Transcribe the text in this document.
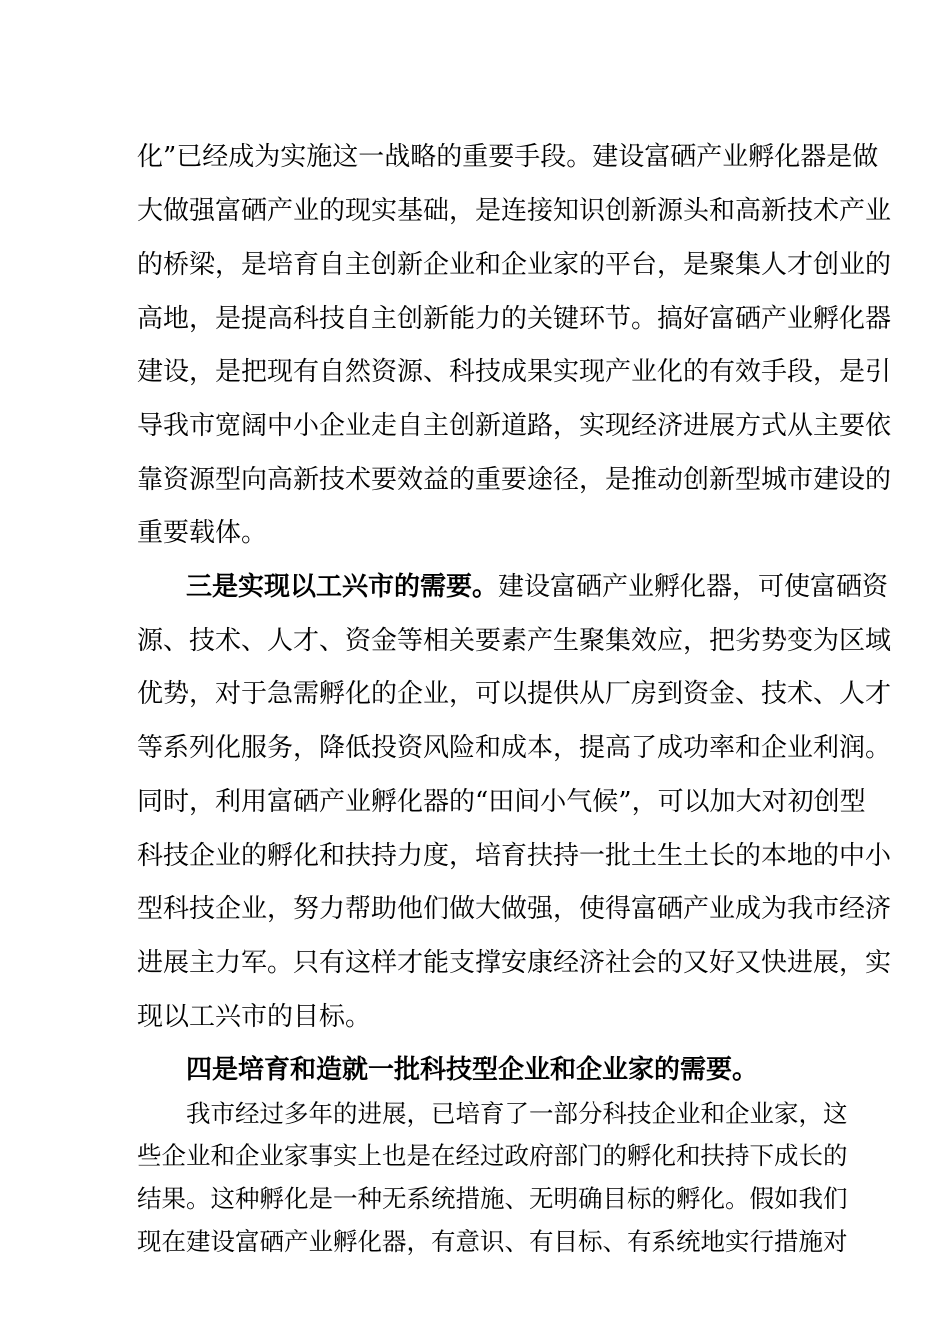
化”已经成为实施这一战略的重要手段。建设富硒产业孵化器是做
大做强富硒产业的现实基础，是连接知识创新源头和高新技术产业
的桥梁，是培育自主创新企业和企业家的平台，是聚集人才创业的
高地，是提高科技自主创新能力的关键环节。搞好富硒产业孵化器
建设，是把现有自然资源、科技成果实现产业化的有效手段，是引
导我市宽阔中小企业走自主创新道路，实现经济进展方式从主要依
靠资源型向高新技术要效益的重要途径，是推动创新型城市建设的
重要载体。
三是实现以工兴市的需要。建设富硒产业孵化器，可使富硒资
源、技术、人才、资金等相关要素产生聚集效应，把劣势变为区域
优势，对于急需孵化的企业，可以提供从厂房到资金、技术、人才
等系列化服务，降低投资风险和成本，提高了成功率和企业利润。
同时，利用富硒产业孵化器的“田间小气候”，可以加大对初创型
科技企业的孵化和扶持力度，培育扶持一批土生土长的本地的中小
型科技企业，努力帮助他们做大做强，使得富硒产业成为我市经济
进展主力军。只有这样才能支撑安康经济社会的又好又快进展，实
现以工兴市的目标。
四是培育和造就一批科技型企业和企业家的需要。
我市经过多年的进展，已培育了一部分科技企业和企业家，这
些企业和企业家事实上也是在经过政府部门的孵化和扶持下成长的
结果。这种孵化是一种无系统措施、无明确目标的孵化。假如我们
现在建设富硒产业孵化器，有意识、有目标、有系统地实行措施对
